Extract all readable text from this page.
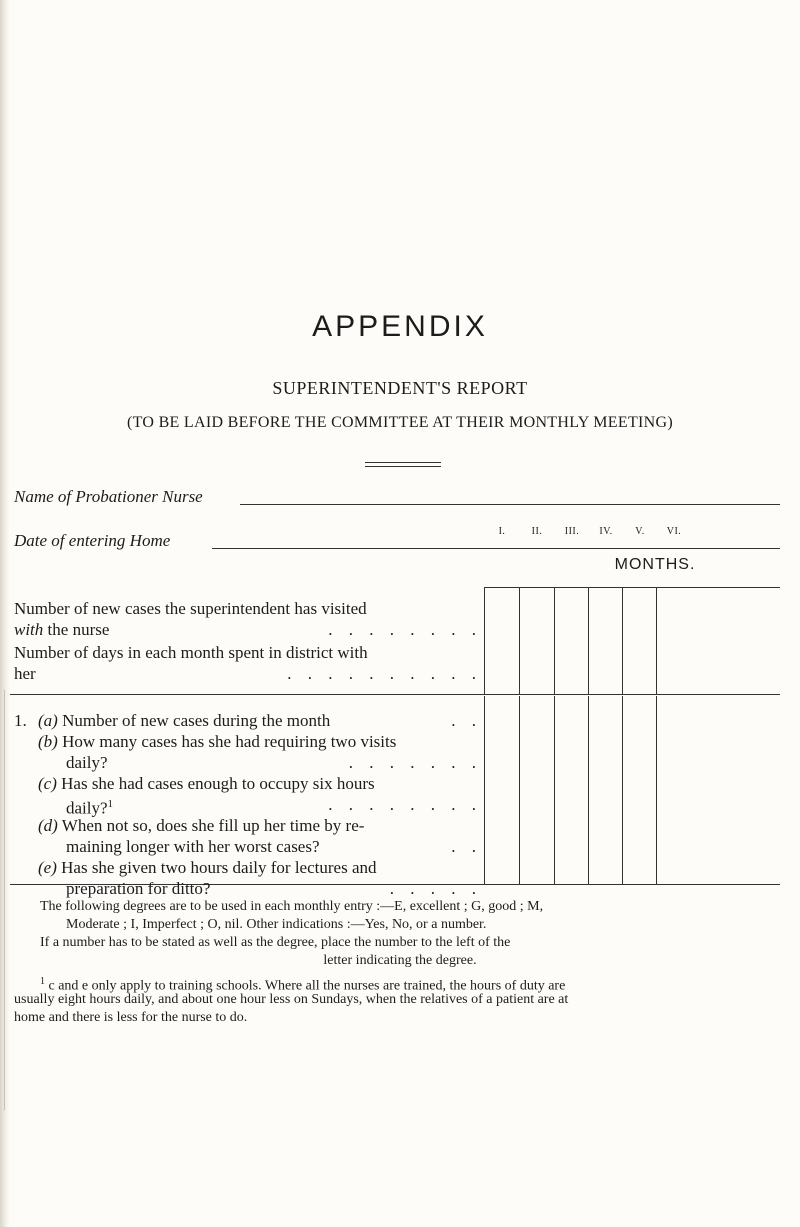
APPENDIX
SUPERINTENDENT'S REPORT
(TO BE LAID BEFORE THE COMMITTEE AT THEIR MONTHLY MEETING)
Name of Probationer Nurse
Date of entering Home
MONTHS.
I.	II.	III.	IV.	V.	VI.
Number of new cases the superintendent has visited
with the nurse	. . . . . . . .
Number of days in each month spent in district with
her	. . . . . . . . . .
1. (a) Number of new cases during the month	. .
(b) How many cases has she had requiring two visits
daily?	. . . . . . .
(c) Has she had cases enough to occupy six hours
daily?$^1$	. . . . . . . .
(d) When not so, does she fill up her time by re-
maining longer with her worst cases?	. .
(e) Has she given two hours daily for lectures and
preparation for ditto?	. . . . .
The following degrees are to be used in each monthly entry :—E, excellent ; G, good ; M,
Moderate ; I, Imperfect ; O, nil. Other indications :—Yes, No, or a number.
If a number has to be stated as well as the degree, place the number to the left of the
letter indicating the degree.
$^1$ c and e only apply to training schools. Where all the nurses are trained, the hours of duty are
usually eight hours daily, and about one hour less on Sundays, when the relatives of a patient are at
home and there is less for the nurse to do.
